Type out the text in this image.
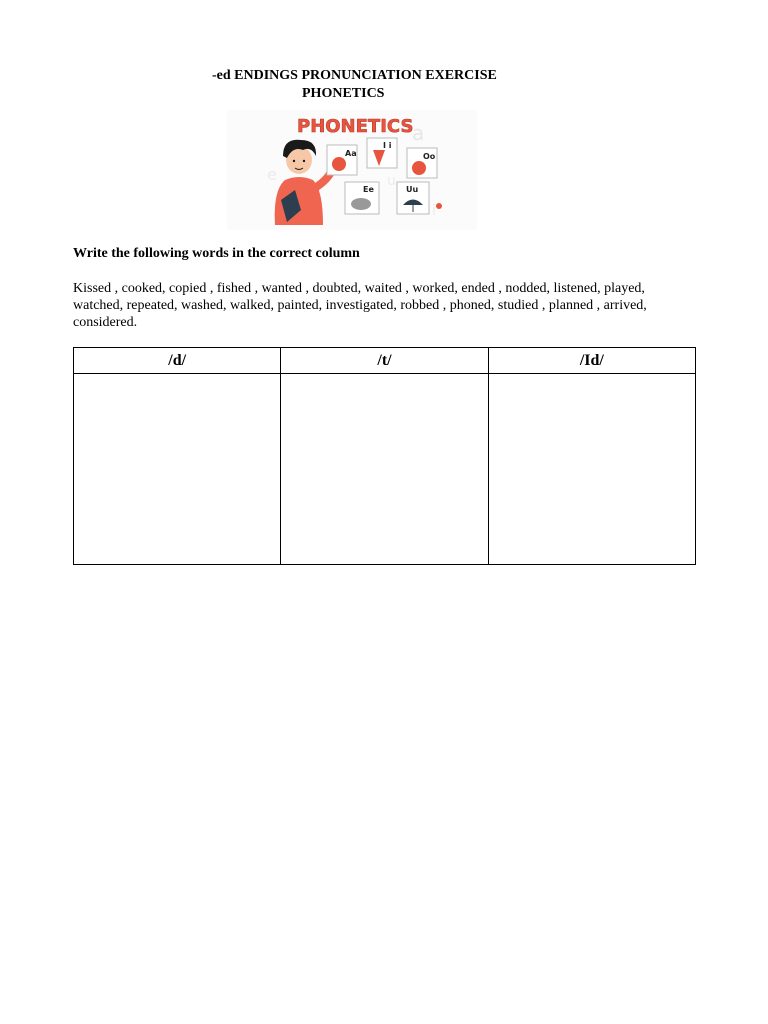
-ed ENDINGS PRONUNCIATION EXERCISE
PHONETICS
a
e	u
i
PHONETICS
Aa
I i
Oo
Ee	Uu
Write the following words in the correct column
Kissed , cooked, copied , fished , wanted , doubted, waited , worked, ended , nodded, listened, played, watched, repeated, washed, walked, painted, investigated, robbed , phoned, studied , planned , arrived, considered.
/d/	/t/	/Id/
